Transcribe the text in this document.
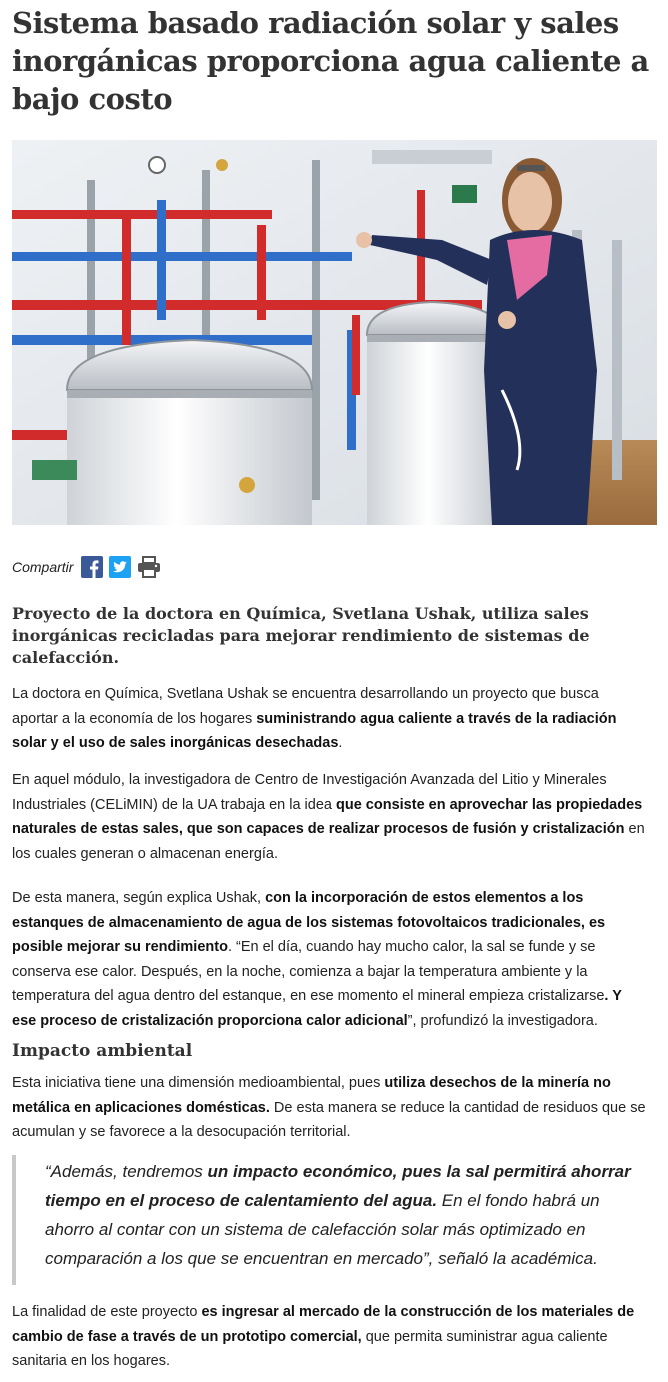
Sistema basado radiación solar y sales inorgánicas proporciona agua caliente a bajo costo
Compartir
Proyecto de la doctora en Química, Svetlana Ushak, utiliza sales inorgánicas recicladas para mejorar rendimiento de sistemas de calefacción.

La doctora en Química, Svetlana Ushak se encuentra desarrollando un proyecto que busca aportar a la economía de los hogares suministrando agua caliente a través de la radiación solar y el uso de sales inorgánicas desechadas.

En aquel módulo, la investigadora de Centro de Investigación Avanzada del Litio y Minerales Industriales (CELiMIN) de la UA trabaja en la idea que consiste en aprovechar las propiedades naturales de estas sales, que son capaces de realizar procesos de fusión y cristalización en los cuales generan o almacenan energía.

De esta manera, según explica Ushak, con la incorporación de estos elementos a los estanques de almacenamiento de agua de los sistemas fotovoltaicos tradicionales, es posible mejorar su rendimiento. “En el día, cuando hay mucho calor, la sal se funde y se conserva ese calor. Después, en la noche, comienza a bajar la temperatura ambiente y la temperatura del agua dentro del estanque, en ese momento el mineral empieza cristalizarse. Y ese proceso de cristalización proporciona calor adicional”, profundizó la investigadora.

Impacto ambiental

Esta iniciativa tiene una dimensión medioambiental, pues utiliza desechos de la minería no metálica en aplicaciones domésticas. De esta manera se reduce la cantidad de residuos que se acumulan y se favorece a la desocupación territorial.

“Además, tendremos un impacto económico, pues la sal permitirá ahorrar tiempo en el proceso de calentamiento del agua. En el fondo habrá un ahorro al contar con un sistema de calefacción solar más optimizado en comparación a los que se encuentran en mercado”, señaló la académica.

La finalidad de este proyecto es ingresar al mercado de la construcción de los materiales de cambio de fase a través de un prototipo comercial, que permita suministrar agua caliente sanitaria en los hogares.
